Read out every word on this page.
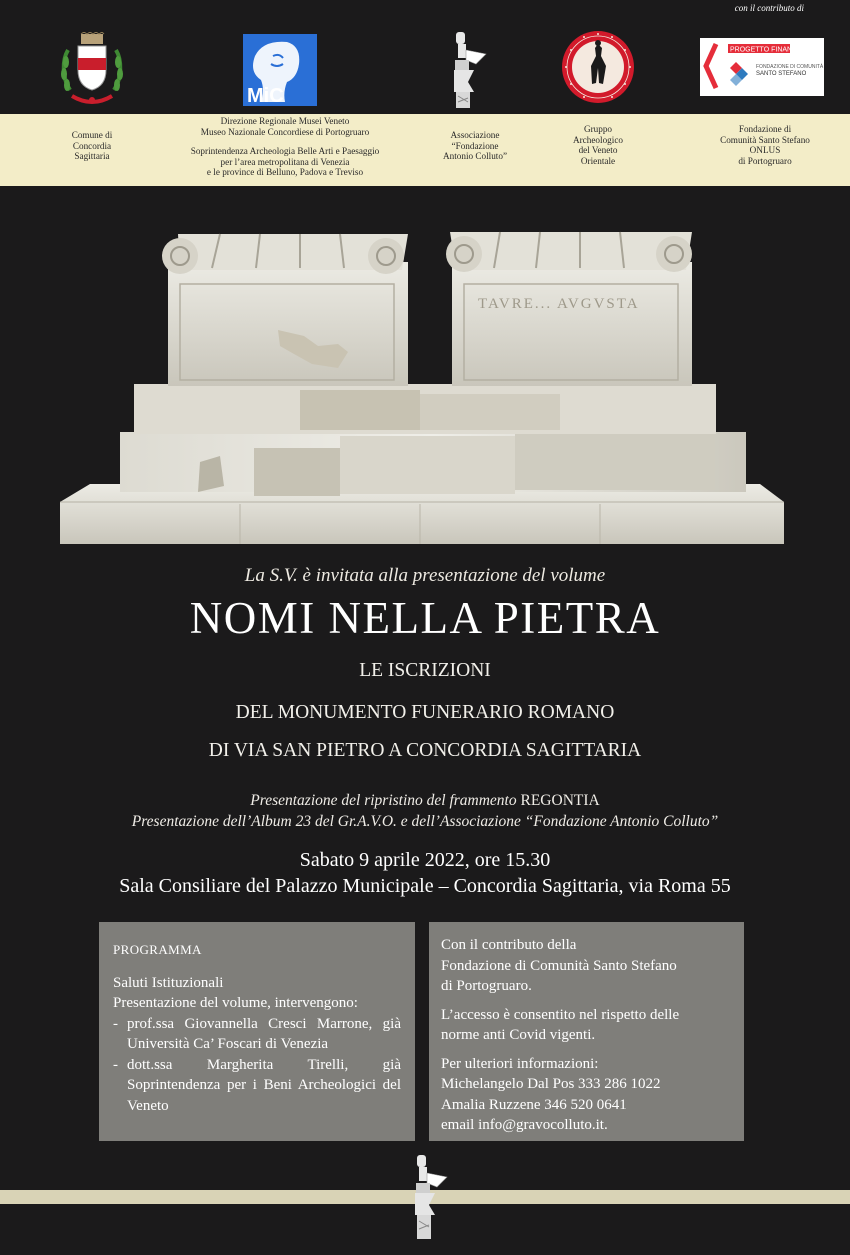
con il contributo di
MiC
PROGETTO FINANZIATO
FONDAZIONE DI COMUNITÀ
SANTO STEFANO
Comune di
Concordia
Sagittaria
Direzione Regionale Musei Veneto
Museo Nazionale Concordiese di Portogruaro
Soprintendenza Archeologia Belle Arti e Paesaggio
per l’area metropolitana di Venezia
e le province di Belluno, Padova e Treviso
Associazione
“Fondazione
Antonio Colluto”
Gruppo
Archeologico
del Veneto
Orientale
Fondazione di
Comunità Santo Stefano
ONLUS
di Portogruaro
TAVRE... AVGVSTA
La S.V. è invitata alla presentazione del volume
NOMI NELLA PIETRA
LE ISCRIZIONI
DEL MONUMENTO FUNERARIO ROMANO
DI VIA SAN PIETRO A CONCORDIA SAGITTARIA
Presentazione del ripristino del frammento REGONTIA
Presentazione dell’Album 23 del Gr.A.V.O. e dell’Associazione “Fondazione Antonio Colluto”
Sabato 9 aprile 2022, ore 15.30
Sala Consiliare del Palazzo Municipale – Concordia Sagittaria, via Roma 55
PROGRAMMA
Saluti Istituzionali
Presentazione del volume, intervengono:
- prof.ssa Giovannella Cresci Marrone, già Università Ca’ Foscari di Venezia
- dott.ssa Margherita Tirelli, già Soprintendenza per i Beni Archeologici del Veneto
Con il contributo della
Fondazione di Comunità Santo Stefano
di Portogruaro.
L’accesso è consentito nel rispetto delle
norme anti Covid vigenti.
Per ulteriori informazioni:
Michelangelo Dal Pos 333 286 1022
Amalia Ruzzene 346 520 0641
email info@gravocolluto.it.
